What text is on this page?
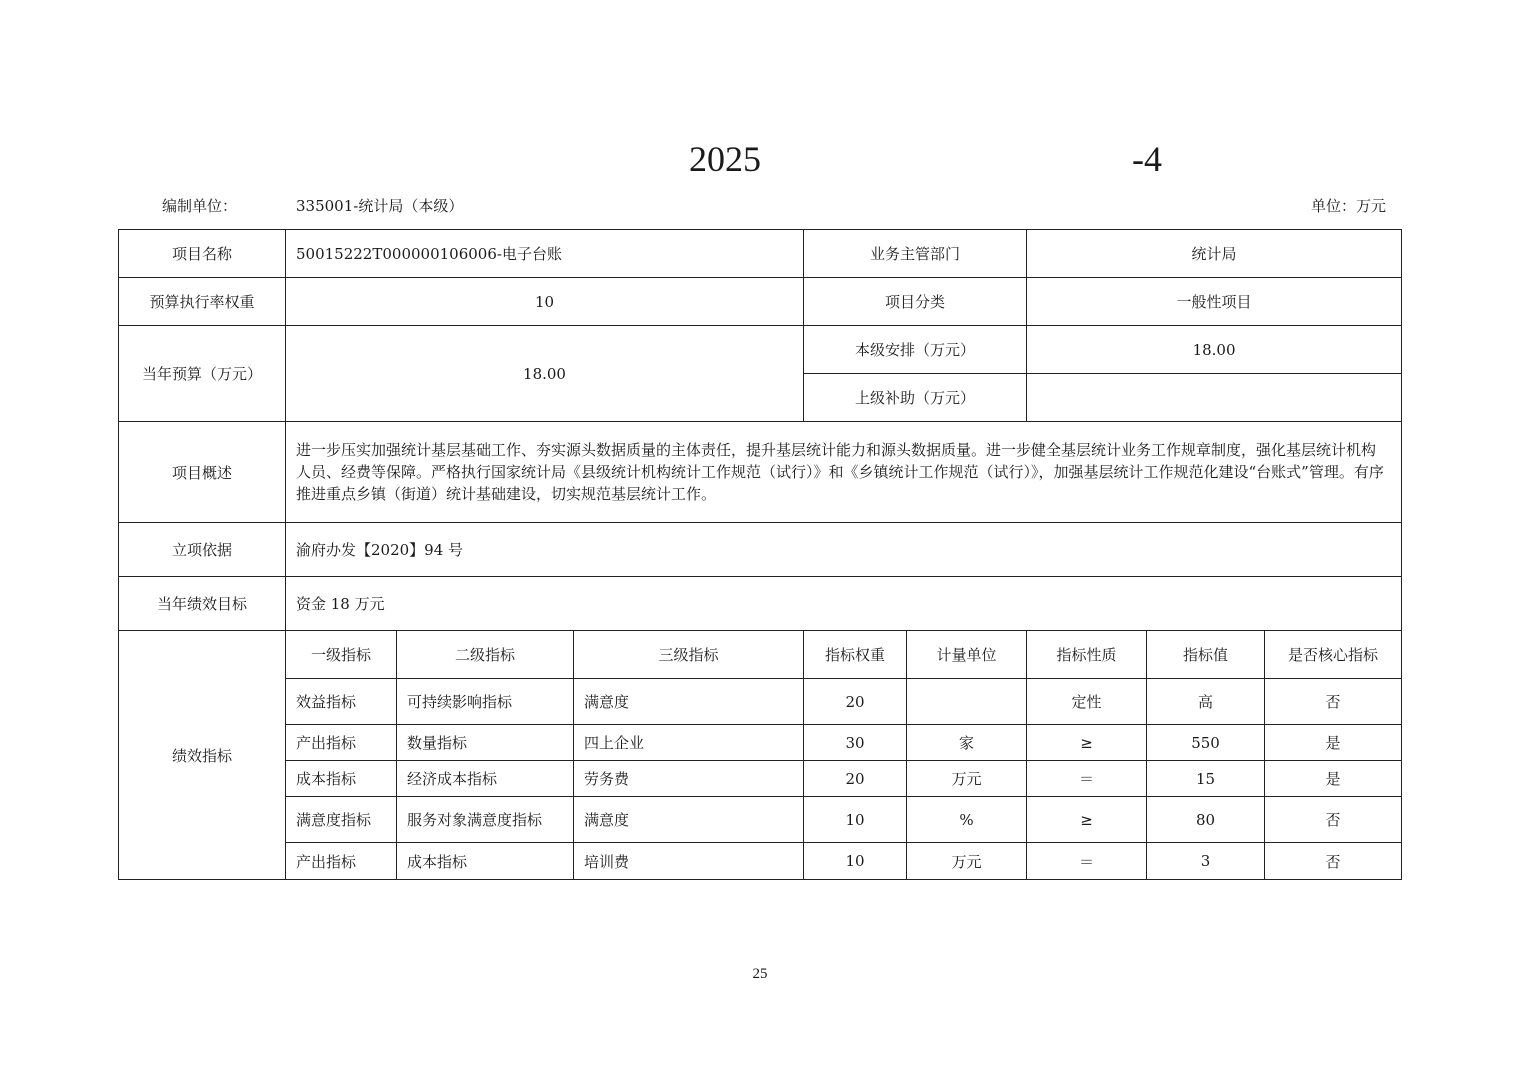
2025	-4
编制单位：	335001-统计局（本级）	单位：万元
项目名称	50015222T000000106006-电子台账			业务主管部门		统计局		
预算执行率权重	10			项目分类		一般性项目		
当年预算（万元）	18.00			本级安排（万元）		18.00		
				上级补助（万元）				
项目概述	进一步压实加强统计基层基础工作、夯实源头数据质量的主体责任，提升基层统计能力和源头数据质量。进一步健全基层统计业务工作规章制度，强化基层统计机构人员、经费等保障。严格执行国家统计局《县级统计机构统计工作规范（试行）》和《乡镇统计工作规范（试行）》，加强基层统计工作规范化建设“台账式”管理。有序推进重点乡镇（街道）统计基础建设，切实规范基层统计工作。							
立项依据	渝府办发【2020】94 号							
当年绩效目标	资金 18 万元							
绩效指标	一级指标	二级指标	三级指标	指标权重	计量单位	指标性质	指标值	是否核心指标
	效益指标	可持续影响指标	满意度	20		定性	高	否
	产出指标	数量指标	四上企业	30	家	≥	550	是
	成本指标	经济成本指标	劳务费	20	万元	＝	15	是
	满意度指标	服务对象满意度指标	满意度	10	%	≥	80	否
	产出指标	成本指标	培训费	10	万元	＝	3	否
25
